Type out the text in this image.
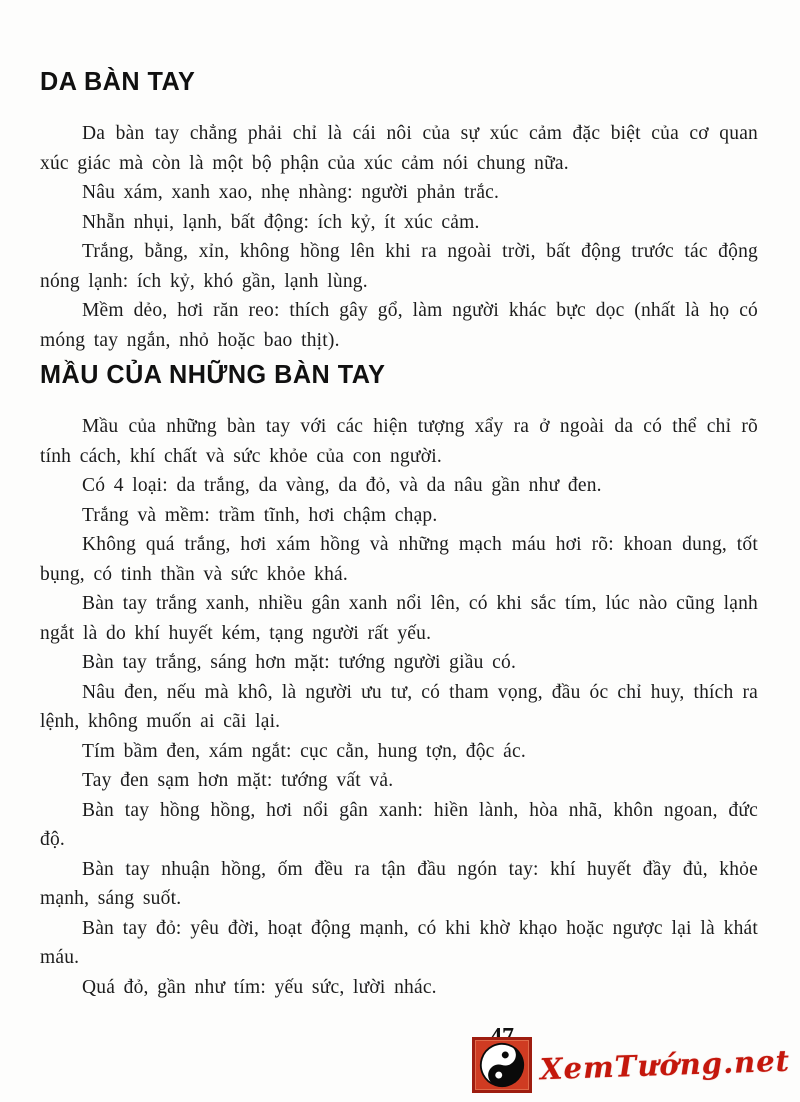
DA BÀN TAY

Da bàn tay chẳng phải chỉ là cái nôi của sự xúc cảm đặc biệt của cơ quan xúc giác mà còn là một bộ phận của xúc cảm nói chung nữa.

Nâu xám, xanh xao, nhẹ nhàng: người phản trắc.

Nhẵn nhụi, lạnh, bất động: ích kỷ, ít xúc cảm.

Trắng, bằng, xỉn, không hồng lên khi ra ngoài trời, bất động trước tác động nóng lạnh: ích kỷ, khó gần, lạnh lùng.

Mềm dẻo, hơi răn reo: thích gây gổ, làm người khác bực dọc (nhất là họ có móng tay ngắn, nhỏ hoặc bao thịt).

MẦU CỦA NHỮNG BÀN TAY

Mầu của những bàn tay với các hiện tượng xẩy ra ở ngoài da có thể chỉ rõ tính cách, khí chất và sức khỏe của con người.

Có 4 loại: da trắng, da vàng, da đỏ, và da nâu gần như đen.

Trắng và mềm: trầm tĩnh, hơi chậm chạp.

Không quá trắng, hơi xám hồng và những mạch máu hơi rõ: khoan dung, tốt bụng, có tinh thần và sức khỏe khá.

Bàn tay trắng xanh, nhiều gân xanh nổi lên, có khi sắc tím, lúc nào cũng lạnh ngắt là do khí huyết kém, tạng người rất yếu.

Bàn tay trắng, sáng hơn mặt: tướng người giầu có.

Nâu đen, nếu mà khô, là người ưu tư, có tham vọng, đầu óc chỉ huy, thích ra lệnh, không muốn ai cãi lại.

Tím bầm đen, xám ngắt: cục cằn, hung tợn, độc ác.

Tay đen sạm hơn mặt: tướng vất vả.

Bàn tay hồng hồng, hơi nổi gân xanh: hiền lành, hòa nhã, khôn ngoan, đức độ.

Bàn tay nhuận hồng, ốm đều ra tận đầu ngón tay: khí huyết đầy đủ, khỏe mạnh, sáng suốt.

Bàn tay đỏ: yêu đời, hoạt động mạnh, có khi khờ khạo hoặc ngược lại là khát máu.

Quá đỏ, gần như tím: yếu sức, lười nhác.

XemTướng.net
